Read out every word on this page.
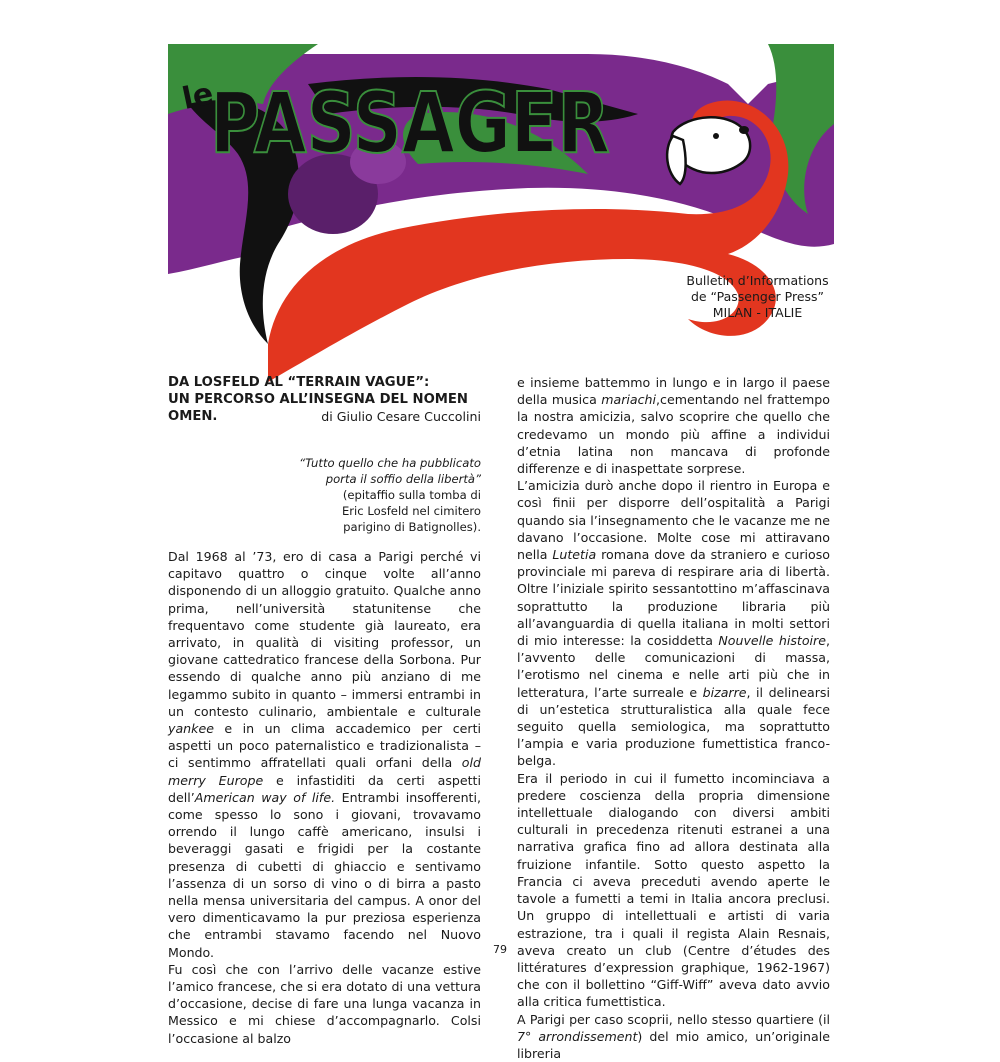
le
PASSAGER
Bulletin d’Informations
de “Passenger Press”
MILAN - ITALIE
DA LOSFELD AL “TERRAIN VAGUE”:
UN PERCORSO ALL’INSEGNA DEL NOMEN OMEN.	di Giulio Cesare Cuccolini
“Tutto quello che ha pubblicato
porta il soffio della libertà”
(epitaffio sulla tomba di
Eric Losfeld nel cimitero
parigino di Batignolles).

Dal 1968 al ’73, ero di casa a Parigi perché vi capitavo quattro o cinque volte all’anno disponendo di un alloggio gratuito. Qualche anno prima, nell’università statunitense che frequentavo come studente già laureato, era arrivato, in qualità di visiting professor, un giovane cattedratico francese della Sorbona. Pur essendo di qualche anno più anziano di me legammo subito in quanto – immersi entrambi in un contesto culinario, ambientale e culturale yankee e in un clima accademico per certi aspetti un poco paternalistico e tradizionalista – ci sentimmo affratellati quali orfani della old merry Europe e infastiditi da certi aspetti dell’American way of life. Entrambi insofferenti, come spesso lo sono i giovani, trovavamo orrendo il lungo caffè americano, insulsi i beveraggi gasati e frigidi per la costante presenza di cubetti di ghiaccio e sentivamo l’assenza di un sorso di vino o di birra a pasto nella mensa universitaria del campus. A onor del vero dimenticavamo la pur preziosa esperienza che entrambi stavamo facendo nel Nuovo Mondo.

Fu così che con l’arrivo delle vacanze estive l’amico francese, che si era dotato di una vettura d’occasione, decise di fare una lunga vacanza in Messico e mi chiese d’accompagnarlo. Colsi l’occasione al balzo

e insieme battemmo in lungo e in largo il paese della musica mariachi,cementando nel frattempo la nostra amicizia, salvo scoprire che quello che credevamo un mondo più affine a individui d’etnia latina non mancava di profonde differenze e di inaspettate sorprese.

L’amicizia durò anche dopo il rientro in Europa e così finii per disporre dell’ospitalità a Parigi quando sia l’insegnamento che le vacanze me ne davano l’occasione. Molte cose mi attiravano nella Lutetia romana dove da straniero e curioso provinciale mi pareva di respirare aria di libertà. Oltre l’iniziale spirito sessantottino m’affascinava soprattutto la produzione libraria più all’avanguardia di quella italiana in molti settori di mio interesse: la cosiddetta Nouvelle histoire, l’avvento delle comunicazioni di massa, l’erotismo nel cinema e nelle arti più che in letteratura, l’arte surreale e bizarre, il delinearsi di un’estetica strutturalistica alla quale fece seguito quella semiologica, ma soprattutto l’ampia e varia produzione fumettistica franco-belga.

Era il periodo in cui il fumetto incominciava a predere coscienza della propria dimensione intellettuale dialogando con diversi ambiti culturali in precedenza ritenuti estranei a una narrativa grafica fino ad allora destinata alla fruizione infantile. Sotto questo aspetto la Francia ci aveva preceduti avendo aperte le tavole a fumetti a temi in Italia ancora preclusi. Un gruppo di intellettuali e artisti di varia estrazione, tra i quali il regista Alain Resnais, aveva creato un club (Centre d’études des littératures d’expression graphique, 1962-1967) che con il bollettino “Giff-Wiff” aveva dato avvio alla critica fumettistica.

A Parigi per caso scoprii, nello stesso quartiere (il 7° arrondissement) del mio amico, un’originale libreria

79
